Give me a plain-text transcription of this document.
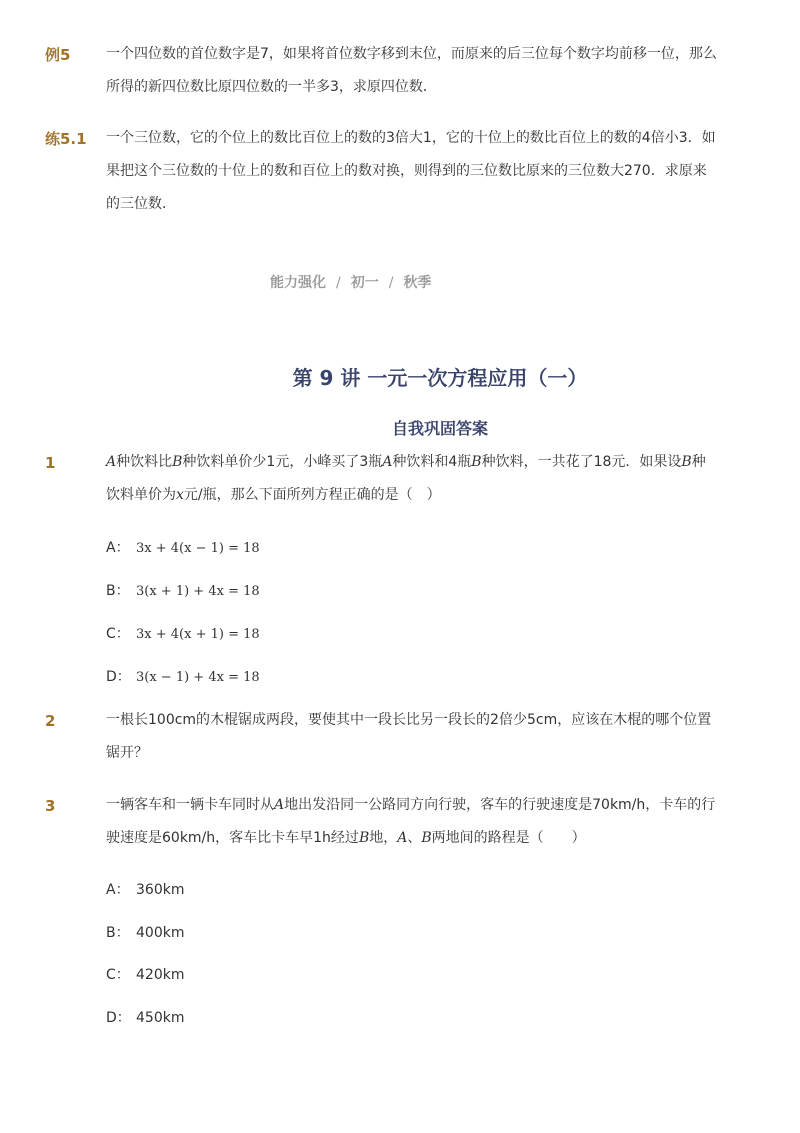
例5	一个四位数的首位数字是7，如果将首位数字移到末位，而原来的后三位每个数字均前移一位，那么所得的新四位数比原四位数的一半多3，求原四位数．
练5.1 一个三位数，它的个位上的数比百位上的数的3倍大1，它的十位上的数比百位上的数的4倍小3．如果把这个三位数的十位上的数和百位上的数对换，则得到的三位数比原来的三位数大270．求原来的三位数．
能力强化 / 初一 / 秋季
第 9 讲 一元一次方程应用（一）
自我巩固答案
1	A种饮料比B种饮料单价少1元，小峰买了3瓶A种饮料和4瓶B种饮料，一共花了18元．如果设B种饮料单价为x元/瓶，那么下面所列方程正确的是（　）
A： 3x + 4(x − 1) = 18
B： 3(x + 1) + 4x = 18
C： 3x + 4(x + 1) = 18
D： 3(x − 1) + 4x = 18
2	一根长100cm的木棍锯成两段，要使其中一段长比另一段长的2倍少5cm，应该在木棍的哪个位置锯开？
3	一辆客车和一辆卡车同时从A地出发沿同一公路同方向行驶，客车的行驶速度是70km/h，卡车的行驶速度是60km/h，客车比卡车早1h经过B地，A、B两地间的路程是（　　）
A： 360km
B： 400km
C： 420km
D： 450km
